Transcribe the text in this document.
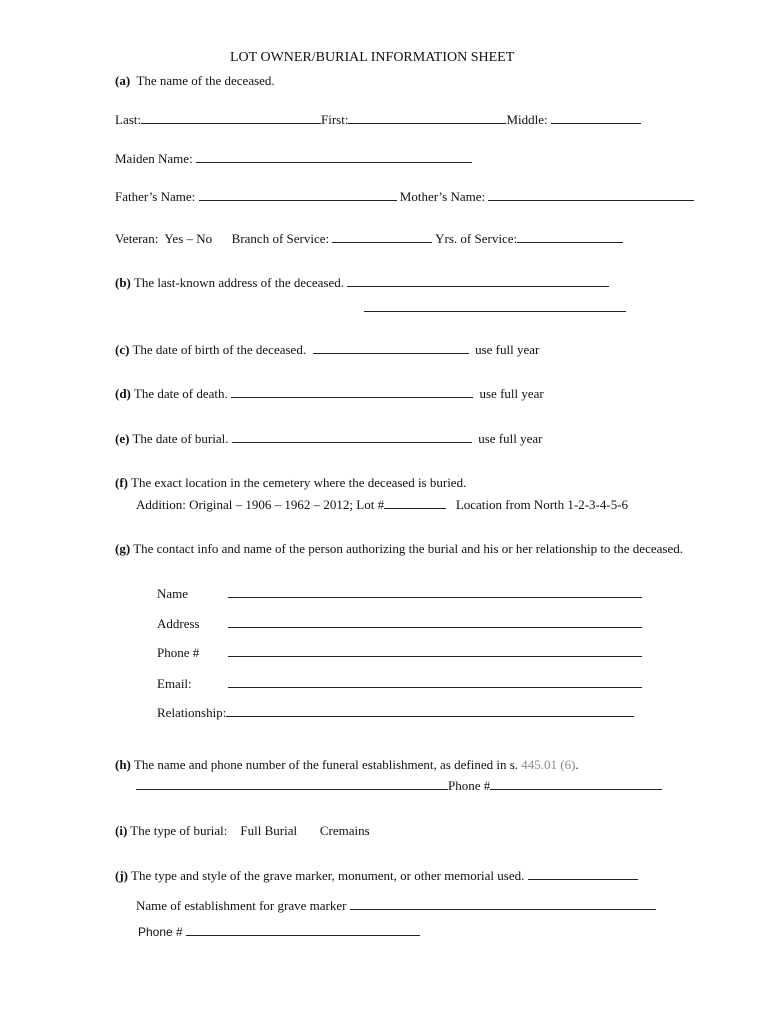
LOT OWNER/BURIAL INFORMATION SHEET
(a) The name of the deceased.
Last:	First:	Middle:
Maiden Name:
Father’s Name:	Mother’s Name:
Veteran: Yes – No Branch of Service:	Yrs. of Service:
(b) The last-known address of the deceased.
(c) The date of birth of the deceased.	use full year
(d) The date of death.	use full year
(e) The date of burial.	use full year
(f) The exact location in the cemetery where the deceased is buried.
Addition: Original – 1906 – 1962 – 2012; Lot #	Location from North 1-2-3-4-5-6
(g) The contact info and name of the person authorizing the burial and his or her relationship to the deceased.
Name
Address
Phone #
Email:
Relationship:
(h) The name and phone number of the funeral establishment, as defined in s. 445.01 (6).
Phone #
(i) The type of burial: Full Burial Cremains
(j) The type and style of the grave marker, monument, or other memorial used.
Name of establishment for grave marker
Phone #
